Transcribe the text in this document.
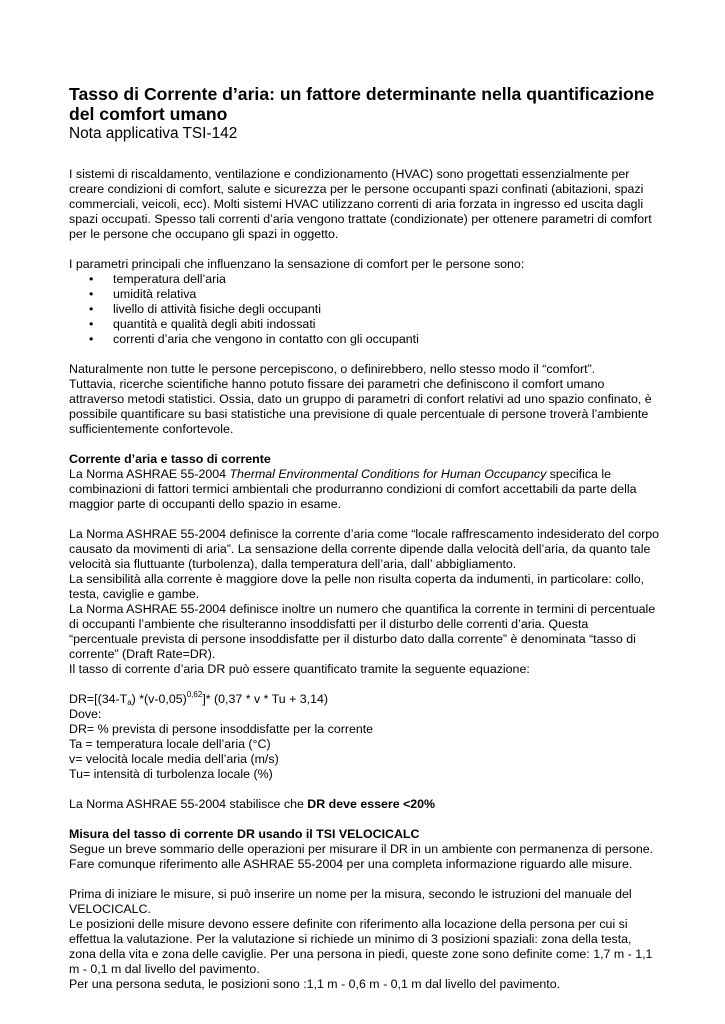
Tasso di Corrente d’aria: un fattore determinante nella quantificazione del comfort umano
Nota applicativa TSI-142

I sistemi di riscaldamento, ventilazione e condizionamento (HVAC) sono progettati essenzialmente per creare condizioni di comfort, salute e sicurezza per le persone occupanti spazi confinati (abitazioni, spazi commerciali, veicoli, ecc). Molti sistemi HVAC utilizzano correnti di aria forzata in ingresso ed uscita dagli spazi occupati. Spesso tali correnti d’aria vengono trattate (condizionate) per ottenere parametri di comfort per le persone che occupano gli spazi in oggetto.

I parametri principali che influenzano la sensazione di comfort per le persone sono:

• temperatura dell’aria
• umidità relativa
• livello di attività fisiche degli occupanti
• quantità e qualità degli abiti indossati
• correnti d’aria che vengono in contatto con gli occupanti

Naturalmente non tutte le persone percepiscono, o definirebbero, nello stesso modo il “comfort”.

Tuttavia, ricerche scientifiche hanno potuto fissare dei parametri che definiscono il comfort umano attraverso metodi statistici. Ossia, dato un gruppo di parametri di confort relativi ad uno spazio confinato, è possibile quantificare su basi statistiche una previsione di quale percentuale di persone troverà l’ambiente sufficientemente confortevole.

Corrente d’aria e tasso di corrente

La Norma ASHRAE 55-2004 Thermal Environmental Conditions for Human Occupancy specifica le combinazioni di fattori termici ambientali che produrranno condizioni di comfort accettabili da parte della maggior parte di occupanti dello spazio in esame.

La Norma ASHRAE 55-2004 definisce la corrente d’aria come “locale raffrescamento indesiderato del corpo causato da movimenti di aria”. La sensazione della corrente dipende dalla velocità dell’aria, da quanto tale velocità sia fluttuante (turbolenza), dalla temperatura dell’aria, dall’ abbigliamento.

La sensibilità alla corrente è maggiore dove la pelle non risulta coperta da indumenti, in particolare: collo, testa, caviglie e gambe.

La Norma ASHRAE 55-2004 definisce inoltre un numero che quantifica la corrente in termini di percentuale di occupanti l’ambiente che risulteranno insoddisfatti per il disturbo delle correnti d’aria. Questa “percentuale prevista di persone insoddisfatte per il disturbo dato dalla corrente” è denominata “tasso di corrente” (Draft Rate=DR).

Il tasso di corrente d’aria DR può essere quantificato tramite la seguente equazione:

$DR=[(34-T_a)$ $*(v-0,05)^{0,62}]*$ (0,37 * v * Tu + 3,14)

Dove:

DR= % prevista di persone insoddisfatte per la corrente

Ta = temperatura locale dell’aria (°C)

v= velocità locale media dell’aria (m/s)

Tu= intensità di turbolenza locale (%)

La Norma ASHRAE 55-2004 stabilisce che DR deve essere <20%

Misura del tasso di corrente DR usando il TSI VELOCICALC

Segue un breve sommario delle operazioni per misurare il DR in un ambiente con permanenza di persone. Fare comunque riferimento alle ASHRAE 55-2004 per una completa informazione riguardo alle misure.

Prima di iniziare le misure, si può inserire un nome per la misura, secondo le istruzioni del manuale del VELOCICALC.

Le posizioni delle misure devono essere definite con riferimento alla locazione della persona per cui si effettua la valutazione. Per la valutazione si richiede un minimo di 3 posizioni spaziali: zona della testa, zona della vita e zona delle caviglie. Per una persona in piedi, queste zone sono definite come: 1,7 m - 1,1 m - 0,1 m dal livello del pavimento.

Per una persona seduta, le posizioni sono :1,1 m - 0,6 m - 0,1 m dal livello del pavimento.
